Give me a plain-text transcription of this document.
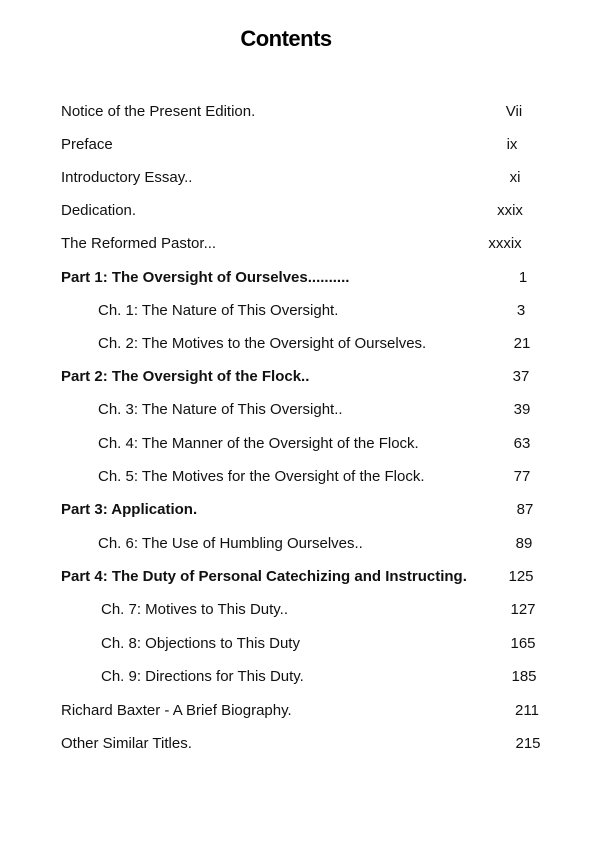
Contents
Notice of the Present Edition.	Vii
Preface	ix
Introductory Essay..	xi
Dedication.	xxix
The Reformed Pastor...	xxxix
Part 1: The Oversight of Ourselves..........	1
Ch. 1: The Nature of This Oversight.	3
Ch. 2: The Motives to the Oversight of Ourselves.	21
Part 2: The Oversight of the Flock..	37
Ch. 3: The Nature of This Oversight..	39
Ch. 4: The Manner of the Oversight of the Flock.	63
Ch. 5: The Motives for the Oversight of the Flock.	77
Part 3: Application.	87
Ch. 6: The Use of Humbling Ourselves..	89
Part 4: The Duty of Personal Catechizing and Instructing.	125
Ch. 7: Motives to This Duty..	127
Ch. 8: Objections to This Duty	165
Ch. 9: Directions for This Duty.	185
Richard Baxter - A Brief Biography.	211
Other Similar Titles.	215
